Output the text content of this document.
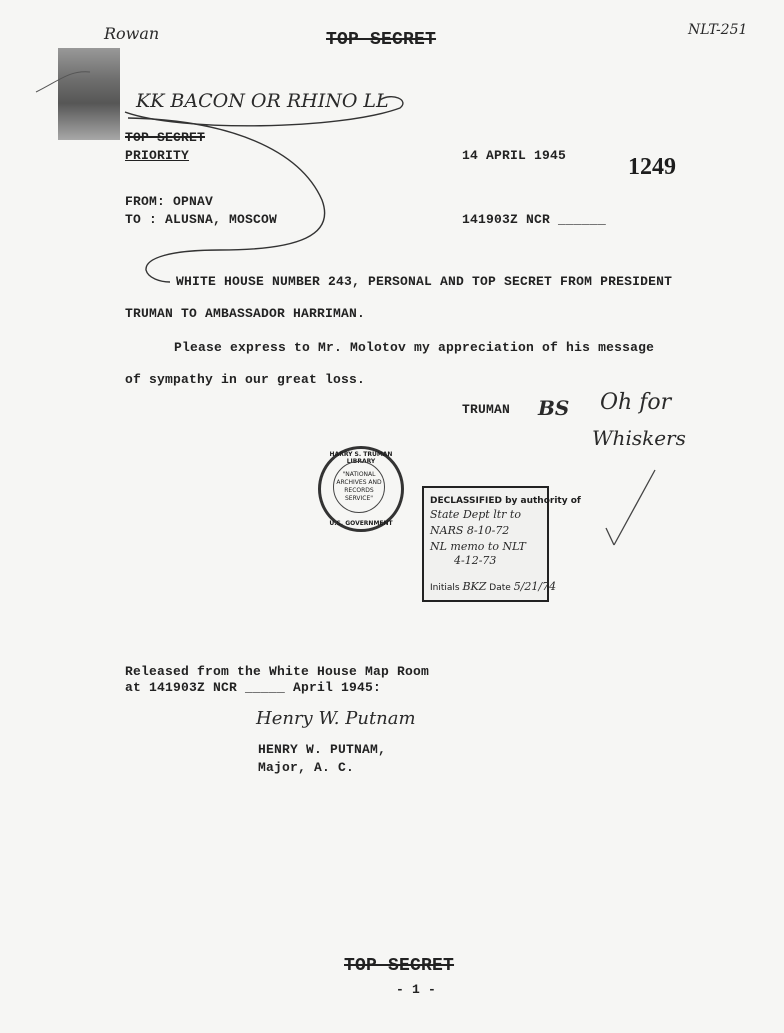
Rowan	TOP SECRET	NLT-251
KK BACON OR RHINO LL
TOP SECRET
PRIORITY	14 APRIL 1945	1249
FROM: OPNAV
TO : ALUSNA, MOSCOW	141903Z NCR ______
WHITE HOUSE NUMBER 243, PERSONAL AND TOP SECRET FROM PRESIDENT
TRUMAN TO AMBASSADOR HARRIMAN.
Please express to Mr. Molotov my appreciation of his message
of sympathy in our great loss.
TRUMAN BS Oh for
Whiskers
HARRY S. TRUMAN LIBRARY
"NATIONAL
ARCHIVES AND
RECORDS SERVICE"
U.S. GOVERNMENT
DECLASSIFIED by authority of
State Dept ltr to
NARS 8-10-72
NL memo to NLT
4-12-73
Initials BKZ Date 5/21/74
Released from the White House Map Room
at 141903Z NCR _____ April 1945:
Henry W. Putnam
HENRY W. PUTNAM,
Major, A. C.
TOP SECRET
- 1 -
